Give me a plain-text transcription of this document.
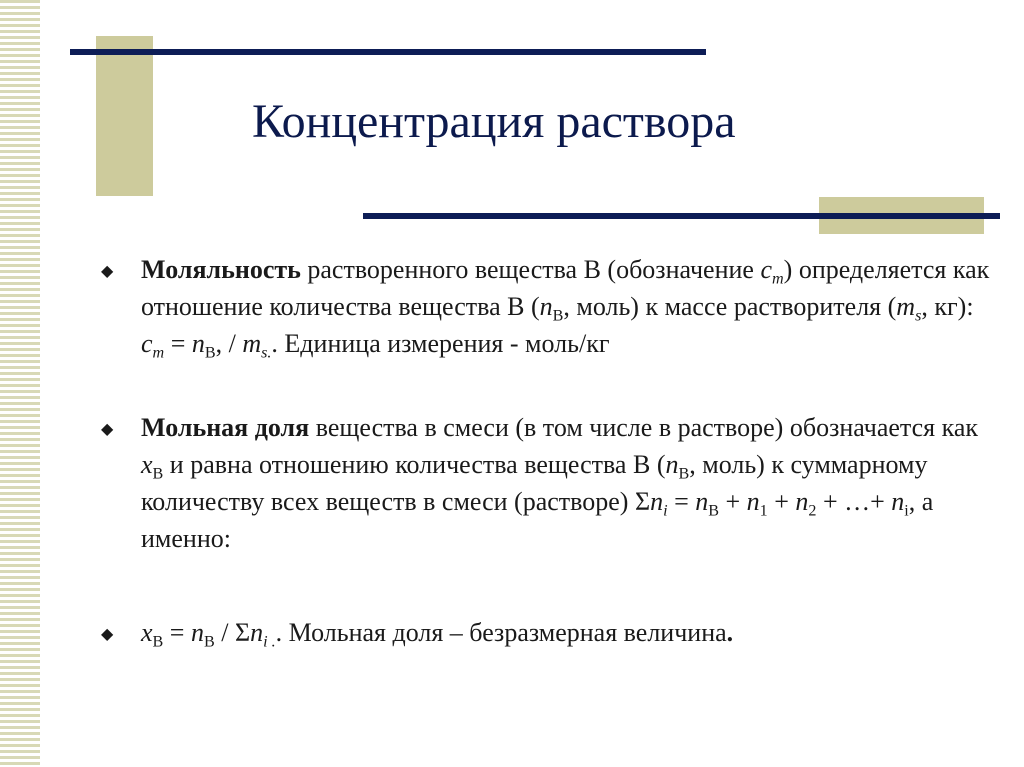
Концентрация раствора
◆ Моляльность растворенного вещества В (обозначение $c_m$) определяется как отношение количества вещества В ($n_В$, моль) к массе растворителя ($m_s$, кг): $c_m = n_В$, / $m_{s.}$. Единица измерения - моль/кг

◆ Мольная доля вещества в смеси (в том числе в растворе) обозначается как $x_В$ и равна отношению количества вещества В ($n_В$, моль) к суммарному количеству всех веществ в смеси (растворе) $\Sigma n_i = n_В + n_1 + n_2$ + …+ $n_i$, а именно:

◆ $x_В = n_В / \Sigma n_{i .}$. Мольная доля – безразмерная величина.
